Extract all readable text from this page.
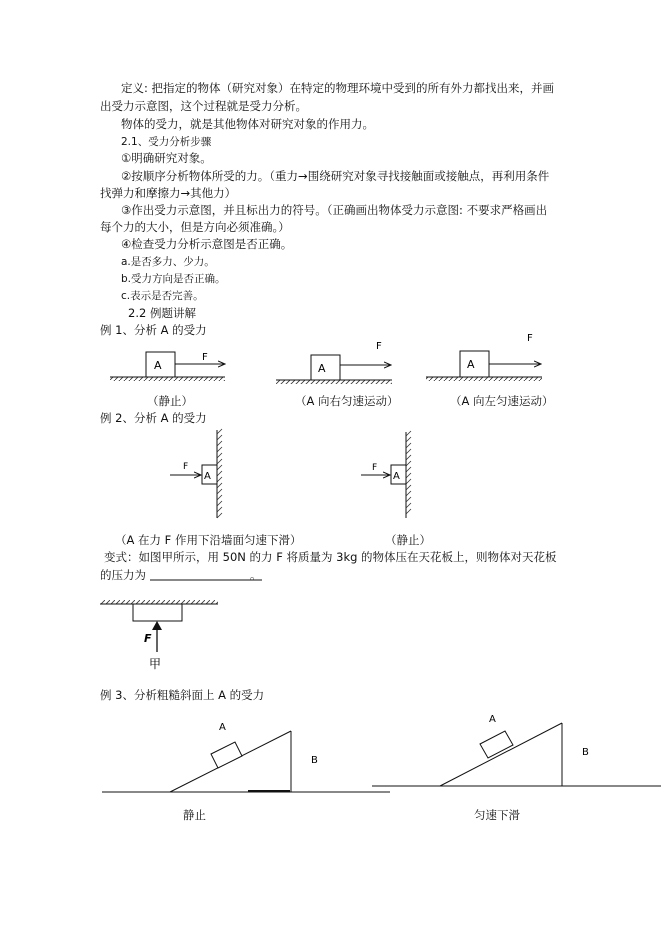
定义: 把指定的物体（研究对象）在特定的物理环境中受到的所有外力都找出来，并画
出受力示意图，这个过程就是受力分析。
物体的受力，就是其他物体对研究对象的作用力。
2.1、受力分析步骤
①明确研究对象。
②按顺序分析物体所受的力。（重力→围绕研究对象寻找接触面或接触点，再利用条件
找弹力和摩擦力→其他力）
③作出受力示意图，并且标出力的符号。（正确画出物体受力示意图: 不要求严格画出
每个力的大小，但是方向必须准确。）
④检查受力分析示意图是否正确。
a.是否多力、少力。
b.受力方向是否正确。
c.表示是否完善。
2.2 例题讲解
例 1、分析 A 的受力
（静止）	（A 向右匀速运动）	（A 向左匀速运动）
例 2、分析 A 的受力
（A 在力 F 作用下沿墙面匀速下滑）	（静止）
变式：如图甲所示，用 50N 的力 F 将质量为 3kg 的物体压在天花板上，则物体对天花板
的压力为	。
例 3、分析粗糙斜面上 A 的受力
静止	匀速下滑
A
F
A
F
A
F
A
F
A
F
F
甲
A
B
A
B
